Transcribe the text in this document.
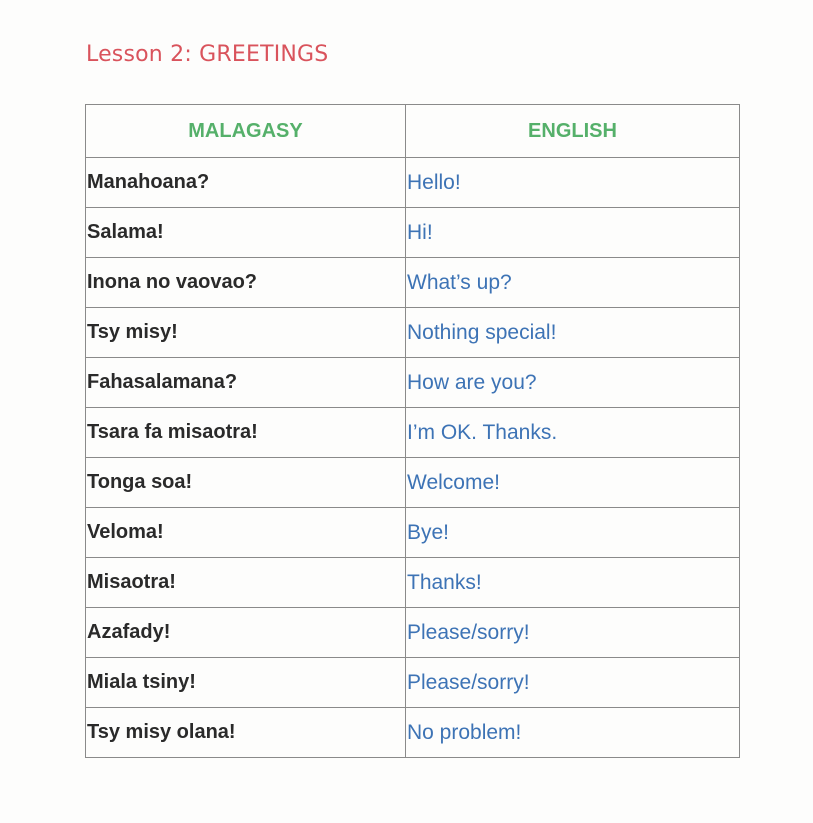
Lesson 2: GREETINGS
MALAGASY	ENGLISH
Manahoana?	Hello!
Salama!	Hi!
Inona no vaovao?	What’s up?
Tsy misy!	Nothing special!
Fahasalamana?	How are you?
Tsara fa misaotra!	I’m OK. Thanks.
Tonga soa!	Welcome!
Veloma!	Bye!
Misaotra!	Thanks!
Azafady!	Please/sorry!
Miala tsiny!	Please/sorry!
Tsy misy olana!	No problem!
